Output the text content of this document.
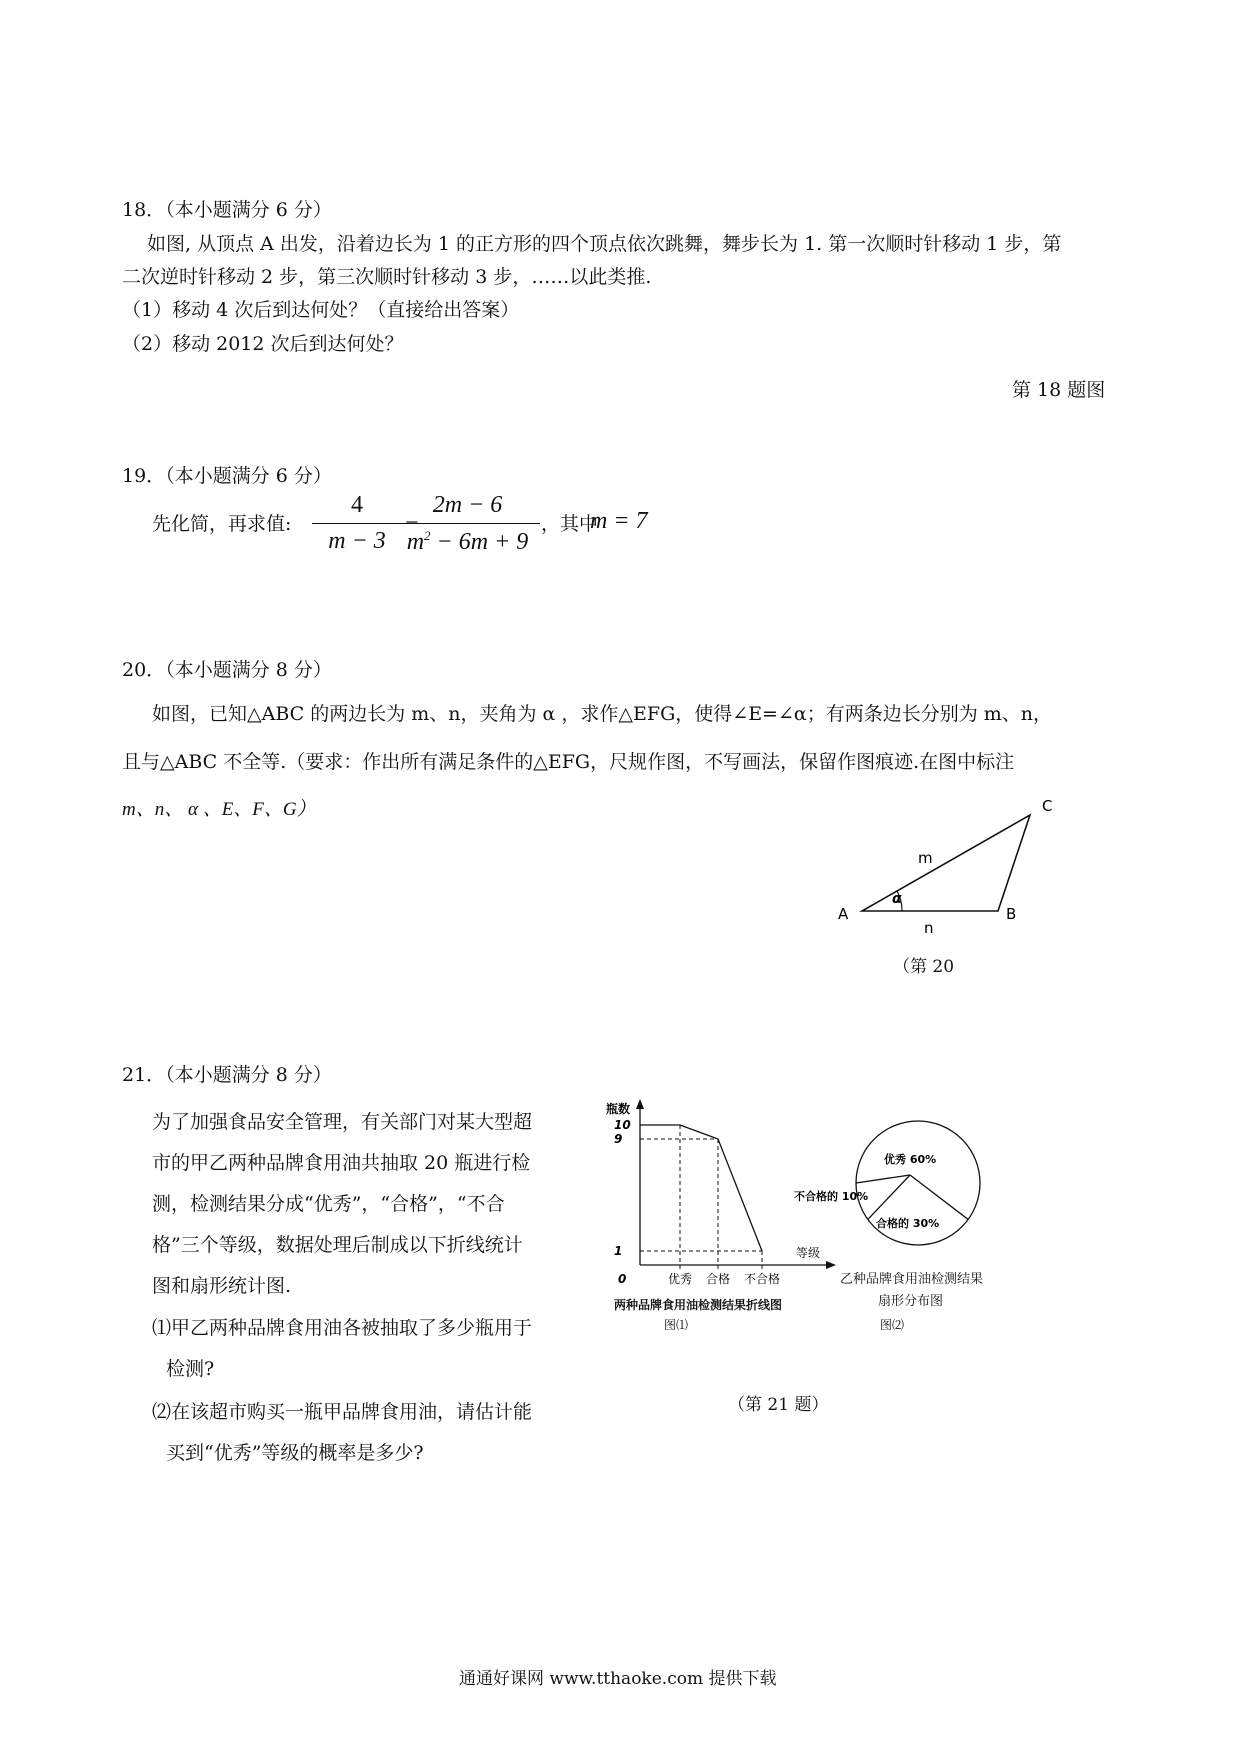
18．（本小题满分 6 分）
如图, 从顶点 A 出发，沿着边长为 1 的正方形的四个顶点依次跳舞，舞步长为 1. 第一次顺时针移动 1 步，第
二次逆时针移动 2 步，第三次顺时针移动 3 步，……以此类推.
（1）移动 4 次后到达何处？（直接给出答案）
（2）移动 2012 次后到达何处？
第 18 题图
19．（本小题满分 6 分）
先化简，再求值:
4
m − 3
−
2m − 6
$m^2 - 6m + 9$
，其中
m = 7
20．（本小题满分 8 分）
如图，已知△ABC 的两边长为 m、n，夹角为 α ，求作△EFG，使得∠E=∠α；有两条边长分别为 m、n，
且与△ABC 不全等.（要求：作出所有满足条件的△EFG，尺规作图，不写画法，保留作图痕迹.在图中标注
m、n、 α 、E、F、G）
A	B
C
m
n
α
（第 20
21．（本小题满分 8 分）
为了加强食品安全管理，有关部门对某大型超
市的甲乙两种品牌食用油共抽取 20 瓶进行检
测，检测结果分成“优秀”，“合格”，“不合
格”三个等级，数据处理后制成以下折线统计
图和扇形统计图.
⑴甲乙两种品牌食用油各被抽取了多少瓶用于
检测?
⑵在该超市购买一瓶甲品牌食用油，请估计能
买到“优秀”等级的概率是多少?
10
9
1
优秀 合格 不合格
瓶数
等级
0
两种品牌食用油检测结果折线图
图⑴
优秀 60%
不合格的 10%
合格的 30%
乙种品牌食用油检测结果
扇形分布图
图⑵
（第 21 题）
通通好课网 www.tthaoke.com 提供下载
